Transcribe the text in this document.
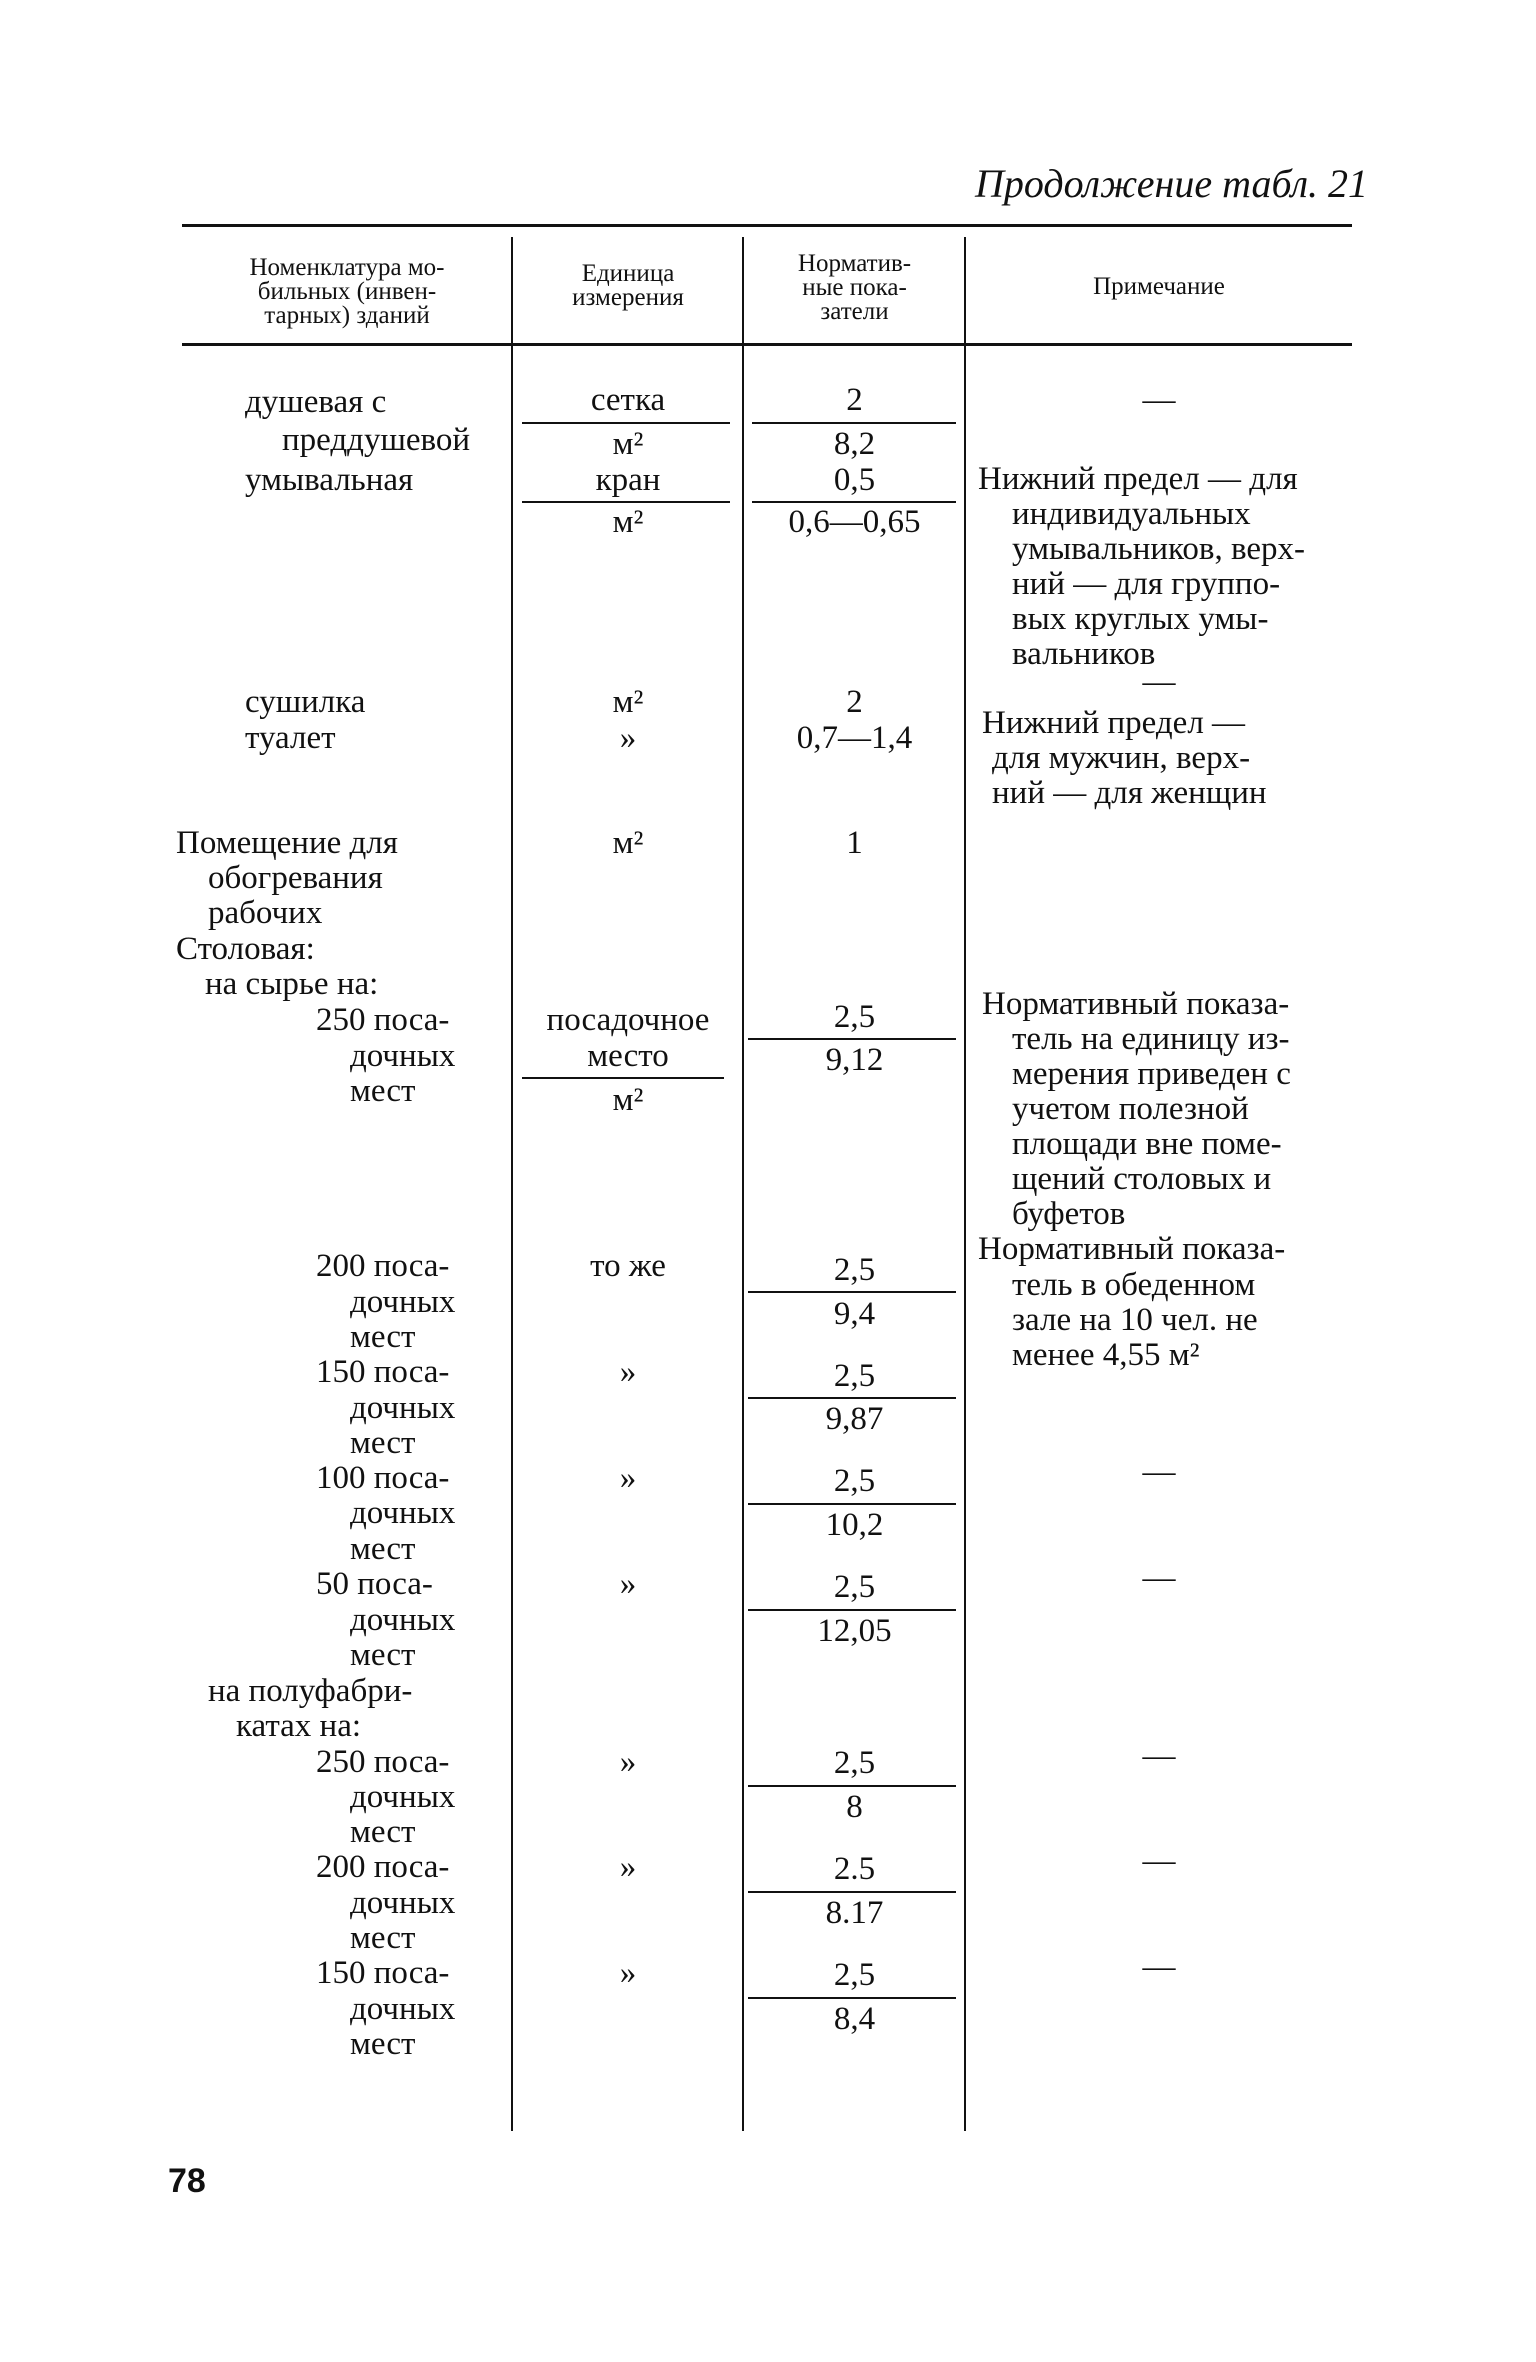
Продолжение табл. 21
Номенклатура мо-
бильных (инвен-
тарных) зданий
Единица
измерения
Норматив-
ные пока-
затели
Примечание
душевая с
преддушевой
умывальная
сушилка
туалет
Помещение для
обогревания
рабочих
Столовая:
на сырье на:
250 поса-
дочных
мест
200 поса-
дочных
мест
150 поса-
дочных
мест
100 поса-
дочных
мест
50 поса-
дочных
мест
на полуфабри-
катах на:
250 поса-
дочных
мест
200 поса-
дочных
мест
150 поса-
дочных
мест
сетка
м²
кран
м²
м²
»
м²
посадочное
место
м²
то же
»
»
»
»
»
»
2
8,2
0,5
0,6—0,65
2
0,7—1,4
1
2,5
9,12
2,5
9,4
2,5
9,87
2,5
10,2
2,5
12,05
2,5
8
2.5
8.17
2,5
8,4
—
Нижний предел — для
индивидуальных
умывальников, верх-
ний — для группо-
вых круглых умы-
вальников
—
Нижний предел —
для мужчин, верх-
ний — для женщин
Нормативный показа-
тель на единицу из-
мерения приведен с
учетом полезной
площади вне поме-
щений столовых и
буфетов
Нормативный показа-
тель в обеденном
зале на 10 чел. не
менее 4,55 м²
—
—
—
—
—
78
